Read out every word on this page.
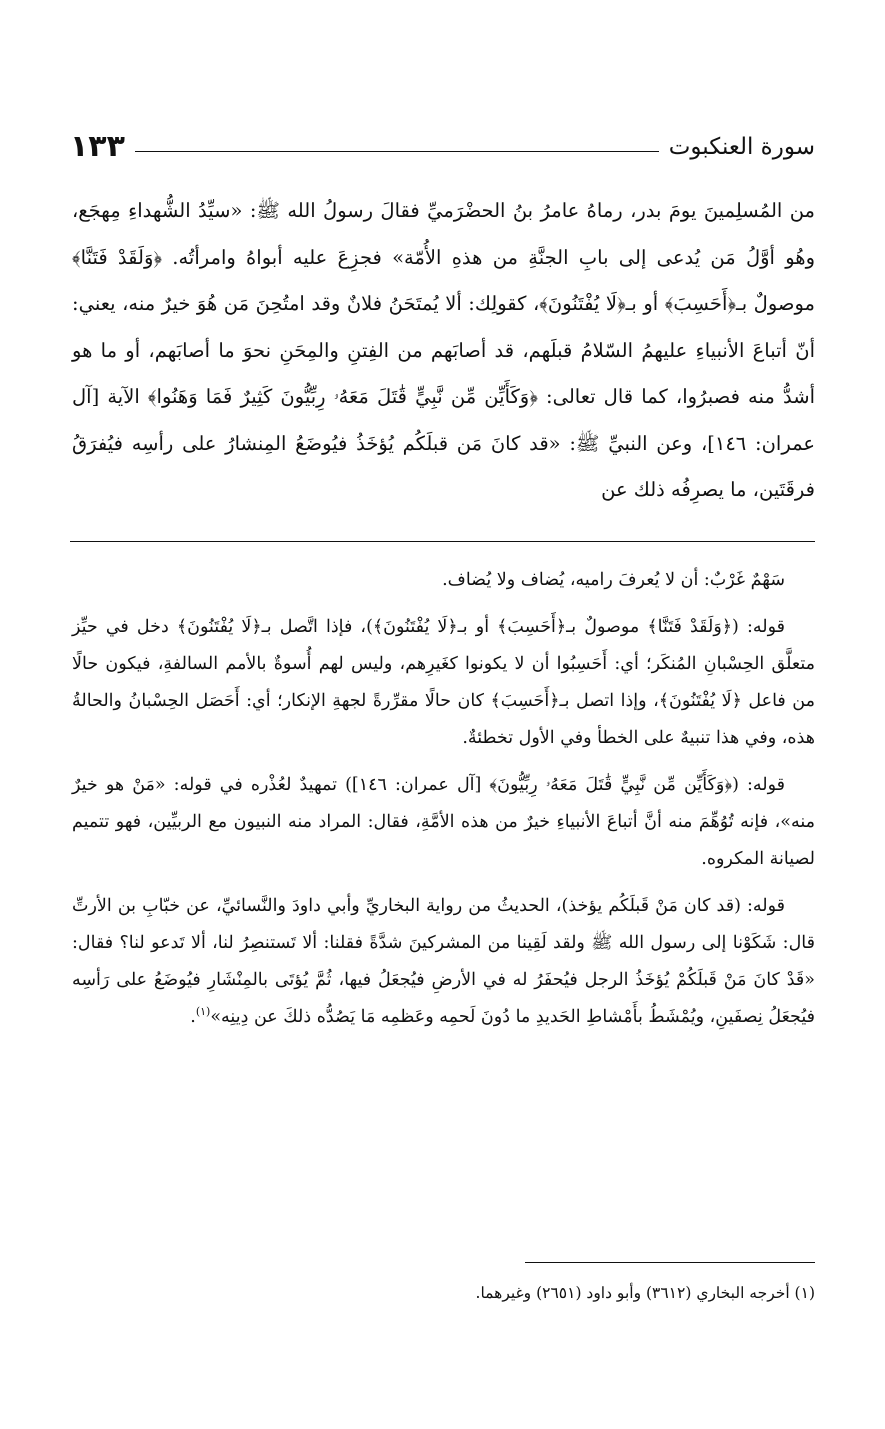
سورة العنكبوت
١٣٣

من المُسلِمينَ يومَ بدر، رماهُ عامرُ بنُ الحضْرَميِّ فقالَ رسولُ الله ﷺ: «سيِّدُ الشُّهداءِ مِهجَع، وهُو أوَّلُ مَن يُدعى إلى بابِ الجنَّةِ من هذهِ الأُمّة» فجزِعَ عليه أبواهُ وامرأتُه. ﴿وَلَقَدْ فَتَنَّا﴾ موصولٌ بـ﴿أَحَسِبَ﴾ أو بـ﴿لَا يُفْتَنُونَ﴾، كقولِك: ألا يُمتَحَنُ فلانٌ وقد امتُحِنَ مَن هُوَ خيرٌ منه، يعني: أنّ أتباعَ الأنبياءِ عليهمُ السّلامُ قبلَهم، قد أصابَهم من الفِتنِ والمِحَنِ نحوَ ما أصابَهم، أو ما هو أشدُّ منه فصبرُوا، كما قال تعالى: ﴿وَكَأَيِّن مِّن نَّبِيٍّ قَٰتَلَ مَعَهُۥ رِبِّيُّونَ كَثِيرٌ فَمَا وَهَنُوا﴾ الآية [آل عمران: ١٤٦]، وعن النبيِّ ﷺ: «قد كانَ مَن قبلَكُم يُؤخَذُ فيُوضَعُ المِنشارُ على رأسِه فيُفرَقُ فرقَتَين، ما يصرِفُه ذلك عن

سَهْمٌ غَرْبٌ: أن لا يُعرفَ راميه، يُضاف ولا يُضاف.

قوله: (﴿وَلَقَدْ فَتَنَّا﴾ موصولٌ بـ﴿أَحَسِبَ﴾ أو بـ﴿لَا يُفْتَنُونَ﴾)، فإذا اتَّصل بـ﴿لَا يُفْتَنُونَ﴾ دخل في حيِّز متعلَّق الحِسْبانِ المُنكَر؛ أي: أَحَسِبُوا أن لا يكونوا كغَيرِهم، وليس لهم أُسوةٌ بالأمم السالفةِ، فيكون حالًا من فاعل ﴿لَا يُفْتَنُونَ﴾، وإذا اتصل بـ﴿أَحَسِبَ﴾ كان حالًا مقرِّرةً لجهةِ الإنكار؛ أي: أَحَصَل الحِسْبانُ والحالةُ هذه، وفي هذا تنبيهٌ على الخطأ وفي الأول تخطئةٌ.

قوله: (﴿وَكَأَيِّن مِّن نَّبِيٍّ قَٰتَلَ مَعَهُۥ رِبِّيُّونَ﴾ [آل عمران: ١٤٦]) تمهيدٌ لعُذْره في قوله: «مَنْ هو خيرٌ منه»، فإنه تُوُهِّمَ منه أنَّ أتباعَ الأنبياءِ خيرٌ من هذه الأمَّةِ، فقال: المراد منه النبيون مع الربيِّين، فهو تتميم لصيانة المكروه.

قوله: (قد كان مَنْ قَبلَكُم يؤخذ)، الحديثُ من رواية البخاريِّ وأبي داودَ والنَّسائيِّ، عن خبّابِ بن الأرتِّ قال: شَكَوْنا إلى رسول الله ﷺ ولقد لَقِينا من المشركينَ شدَّةً فقلنا: ألا تَستنصِرُ لنا، ألا تَدعو لنا؟ فقال: «قَدْ كانَ مَنْ قَبلَكُمْ يُؤخَذُ الرجل فيُحفَرُ له في الأرضِ فيُجعَلُ فيها، ثُمَّ يُؤتَى بالمِنْشَارِ فيُوضَعُ على رَأسِه فيُجعَلُ نِصفَينِ، ويُمْشَطُ بأَمْشاطِ الحَديدِ ما دُونَ لَحمِه وعَظمِه مَا يَصُدُّه ذلكَ عن دِينِه»$^{(١)}$.

(١) أخرجه البخاري (٣٦١٢) وأبو داود (٢٦٥١) وغيرهما.
